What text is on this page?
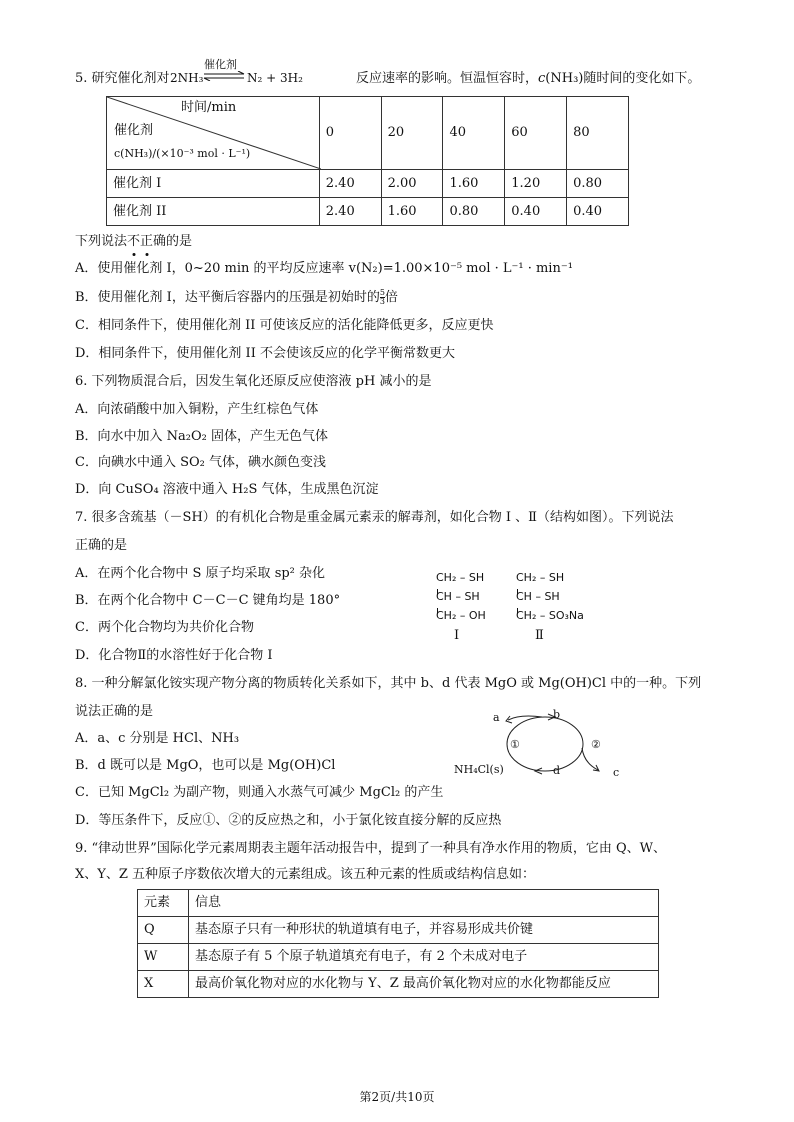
5. 研究催化剂对 2NH₃
催化剂
⇌ N₂ + 3H₂	反应速率的影响。恒温恒容时，c(NH₃)随时间的变化如下。
时间/min
催化剂
c(NH₃)/(×10⁻³ mol · L⁻¹)	0	20	40	60	80
催化剂 I	2.40	2.00	1.60	1.20	0.80
催化剂 II	2.40	1.60	0.80	0.40	0.40
下列说法不
正
确的是
A．使用催化剂 I，0~20 min 的平均反应速率 v(N₂)=1.00×10⁻⁵ mol · L⁻¹ · min⁻¹
B．使用催化剂 I，达平衡后容器内的压强是初始时的 $\frac{5}{3}$ 倍
C．相同条件下，使用催化剂 II 可使该反应的活化能降低更多，反应更快
D．相同条件下，使用催化剂 II 不会使该反应的化学平衡常数更大
6. 下列物质混合后，因发生氧化还原反应使溶液 pH 减小的是
A．向浓硝酸中加入铜粉，产生红棕色气体
B．向水中加入 Na₂O₂ 固体，产生无色气体
C．向碘水中通入 SO₂ 气体，碘水颜色变浅
D．向 CuSO₄ 溶液中通入 H₂S 气体，生成黑色沉淀
7. 很多含巯基（－SH）的有机化合物是重金属元素汞的解毒剂，如化合物 Ⅰ 、Ⅱ（结构如图）。下列说法
正确的是
A．在两个化合物中 S 原子均采取 sp² 杂化
B．在两个化合物中 C－C－C 键角均是 180°
C．两个化合物均为共价化合物
D．化合物Ⅱ的水溶性好于化合物 Ⅰ
CH₂ – SH
CH – SH
CH₂ – OH
Ⅰ
CH₂ – SH
CH – SH
CH₂ – SO₃Na
Ⅱ
8. 一种分解氯化铵实现产物分离的物质转化关系如下，其中 b、d 代表 MgO 或 Mg(OH)Cl 中的一种。下列
说法正确的是
A．a、c 分别是 HCl、NH₃
B．d 既可以是 MgO，也可以是 Mg(OH)Cl
C．已知 MgCl₂ 为副产物，则通入水蒸气可减少 MgCl₂ 的产生
D．等压条件下，反应①、②的反应热之和，小于氯化铵直接分解的反应热
a	b
①	②
NH₄Cl(s)	d	c
9. “律动世界”国际化学元素周期表主题年活动报告中，提到了一种具有净水作用的物质，它由 Q、W、
X、Y、Z 五种原子序数依次增大的元素组成。该五种元素的性质或结构信息如：
元素	信息
Q	基态原子只有一种形状的轨道填有电子，并容易形成共价键
W	基态原子有 5 个原子轨道填充有电子，有 2 个未成对电子
X	最高价氧化物对应的水化物与 Y、Z 最高价氧化物对应的水化物都能反应
第2页/共10页
